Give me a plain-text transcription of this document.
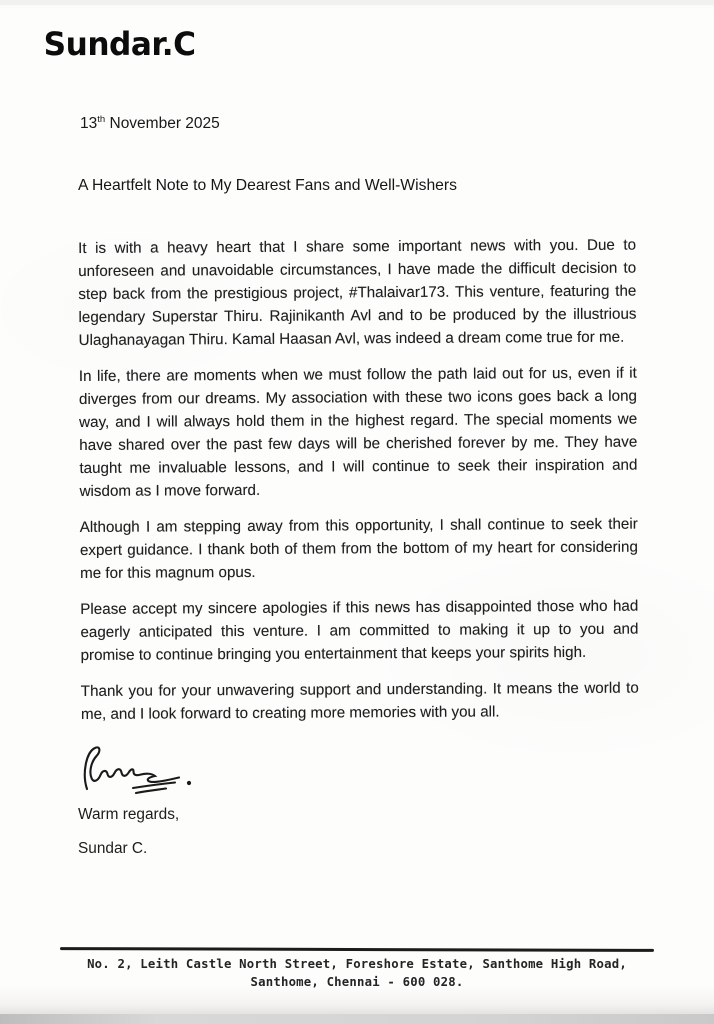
Sundar.C

13th November 2025

A Heartfelt Note to My Dearest Fans and Well-Wishers

It is with a heavy heart that I share some important news with you. Due to unforeseen and unavoidable circumstances, I have made the difficult decision to step back from the prestigious project, #Thalaivar173. This venture, featuring the legendary Superstar Thiru. Rajinikanth Avl and to be produced by the illustrious Ulaghanayagan Thiru. Kamal Haasan Avl, was indeed a dream come true for me.

In life, there are moments when we must follow the path laid out for us, even if it diverges from our dreams. My association with these two icons goes back a long way, and I will always hold them in the highest regard. The special moments we have shared over the past few days will be cherished forever by me. They have taught me invaluable lessons, and I will continue to seek their inspiration and wisdom as I move forward.

Although I am stepping away from this opportunity, I shall continue to seek their expert guidance. I thank both of them from the bottom of my heart for considering me for this magnum opus.

Please accept my sincere apologies if this news has disappointed those who had eagerly anticipated this venture. I am committed to making it up to you and promise to continue bringing you entertainment that keeps your spirits high.

Thank you for your unwavering support and understanding. It means the world to me, and I look forward to creating more memories with you all.

Warm regards,

Sundar C.

No. 2, Leith Castle North Street, Foreshore Estate, Santhome High Road,

Santhome, Chennai - 600 028.
